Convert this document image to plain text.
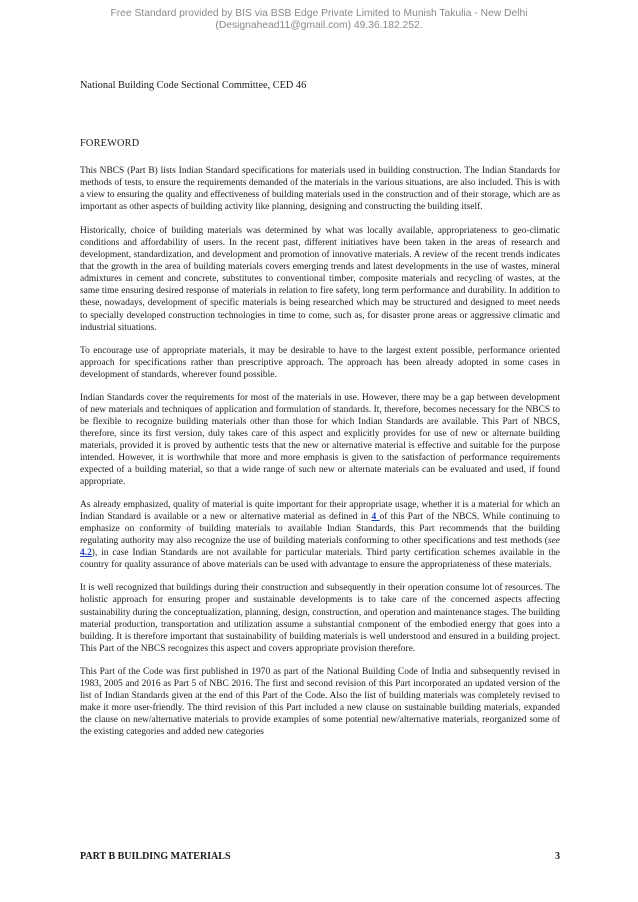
Free Standard provided by BIS via BSB Edge Private Limited to Munish Takulia - New Delhi
(Designahead11@gmail.com) 49.36.182.252.
National Building Code Sectional Committee, CED 46
FOREWORD

This NBCS (Part B) lists Indian Standard specifications for materials used in building construction. The Indian Standards for methods of tests, to ensure the requirements demanded of the materials in the various situations, are also included. This is with a view to ensuring the quality and effectiveness of building materials used in the construction and of their storage, which are as important as other aspects of building activity like planning, designing and constructing the building itself.

Historically, choice of building materials was determined by what was locally available, appropriateness to geo-climatic conditions and affordability of users. In the recent past, different initiatives have been taken in the areas of research and development, standardization, and development and promotion of innovative materials. A review of the recent trends indicates that the growth in the area of building materials covers emerging trends and latest developments in the use of wastes, mineral admixtures in cement and concrete, substitutes to conventional timber, composite materials and recycling of wastes, at the same time ensuring desired response of materials in relation to fire safety, long term performance and durability. In addition to these, nowadays, development of specific materials is being researched which may be structured and designed to meet needs to specially developed construction technologies in time to come, such as, for disaster prone areas or aggressive climatic and industrial situations.

To encourage use of appropriate materials, it may be desirable to have to the largest extent possible, performance oriented approach for specifications rather than prescriptive approach. The approach has been already adopted in some cases in development of standards, wherever found possible.

Indian Standards cover the requirements for most of the materials in use. However, there may be a gap between development of new materials and techniques of application and formulation of standards. It, therefore, becomes necessary for the NBCS to be flexible to recognize building materials other than those for which Indian Standards are available. This Part of NBCS, therefore, since its first version, duly takes care of this aspect and explicitly provides for use of new or alternate building materials, provided it is proved by authentic tests that the new or alternative material is effective and suitable for the purpose intended. However, it is worthwhile that more and more emphasis is given to the satisfaction of performance requirements expected of a building material, so that a wide range of such new or alternate materials can be evaluated and used, if found appropriate.

As already emphasized, quality of material is quite important for their appropriate usage, whether it is a material for which an Indian Standard is available or a new or alternative material as defined in 4 of this Part of the NBCS. While continuing to emphasize on conformity of building materials to available Indian Standards, this Part recommends that the building regulating authority may also recognize the use of building materials conforming to other specifications and test methods (see 4.2), in case Indian Standards are not available for particular materials. Third party certification schemes available in the country for quality assurance of above materials can be used with advantage to ensure the appropriateness of these materials.

It is well recognized that buildings during their construction and subsequently in their operation consume lot of resources. The holistic approach for ensuring proper and sustainable developments is to take care of the concerned aspects affecting sustainability during the conceptualization, planning, design, construction, and operation and maintenance stages. The building material production, transportation and utilization assume a substantial component of the embodied energy that goes into a building. It is therefore important that sustainability of building materials is well understood and ensured in a building project. This Part of the NBCS recognizes this aspect and covers appropriate provision therefore.

This Part of the Code was first published in 1970 as part of the National Building Code of India and subsequently revised in 1983, 2005 and 2016 as Part 5 of NBC 2016. The first and second revision of this Part incorporated an updated version of the list of Indian Standards given at the end of this Part of the Code. Also the list of building materials was completely revised to make it more user-friendly. The third revision of this Part included a new clause on sustainable building materials, expanded the clause on new/alternative materials to provide examples of some potential new/alternative materials, reorganized some of the existing categories and added new categories

PART B BUILDING MATERIALS	3
